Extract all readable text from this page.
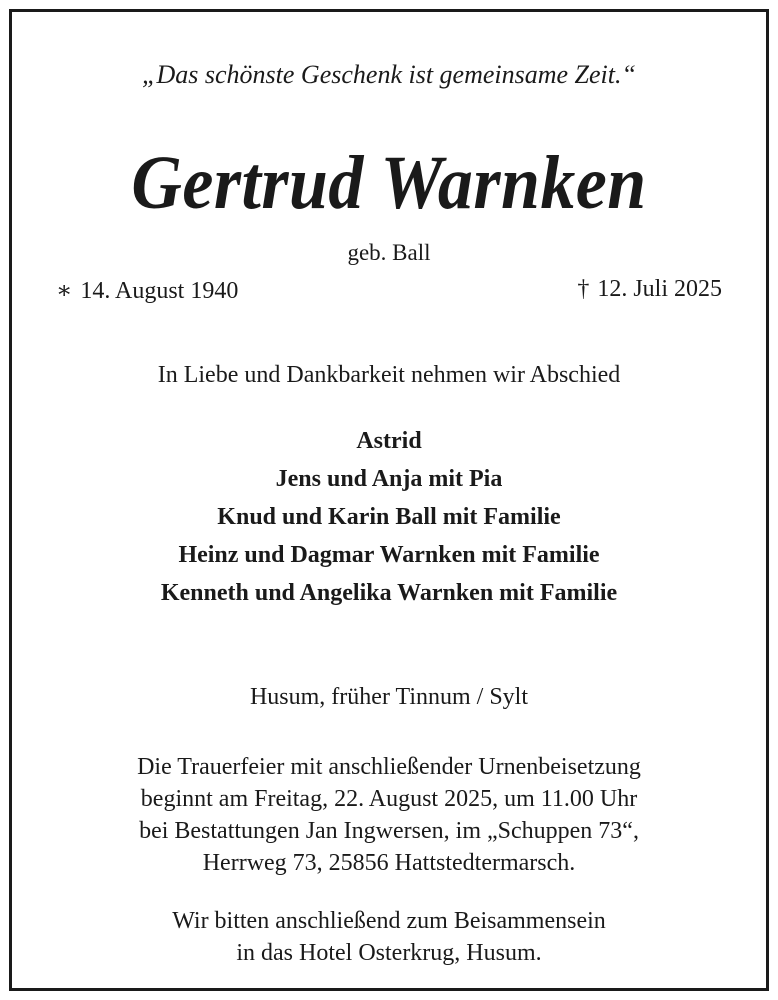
„Das schönste Geschenk ist gemeinsame Zeit.“
Gertrud Warnken
geb. Ball
∗ 14. August 1940	† 12. Juli 2025
In Liebe und Dankbarkeit nehmen wir Abschied
Astrid
Jens und Anja mit Pia
Knud und Karin Ball mit Familie
Heinz und Dagmar Warnken mit Familie
Kenneth und Angelika Warnken mit Familie
Husum, früher Tinnum / Sylt
Die Trauerfeier mit anschließender Urnenbeisetzung
beginnt am Freitag, 22. August 2025, um 11.00 Uhr
bei Bestattungen Jan Ingwersen, im „Schuppen 73“,
Herrweg 73, 25856 Hattstedtermarsch.
Wir bitten anschließend zum Beisammensein
in das Hotel Osterkrug, Husum.
